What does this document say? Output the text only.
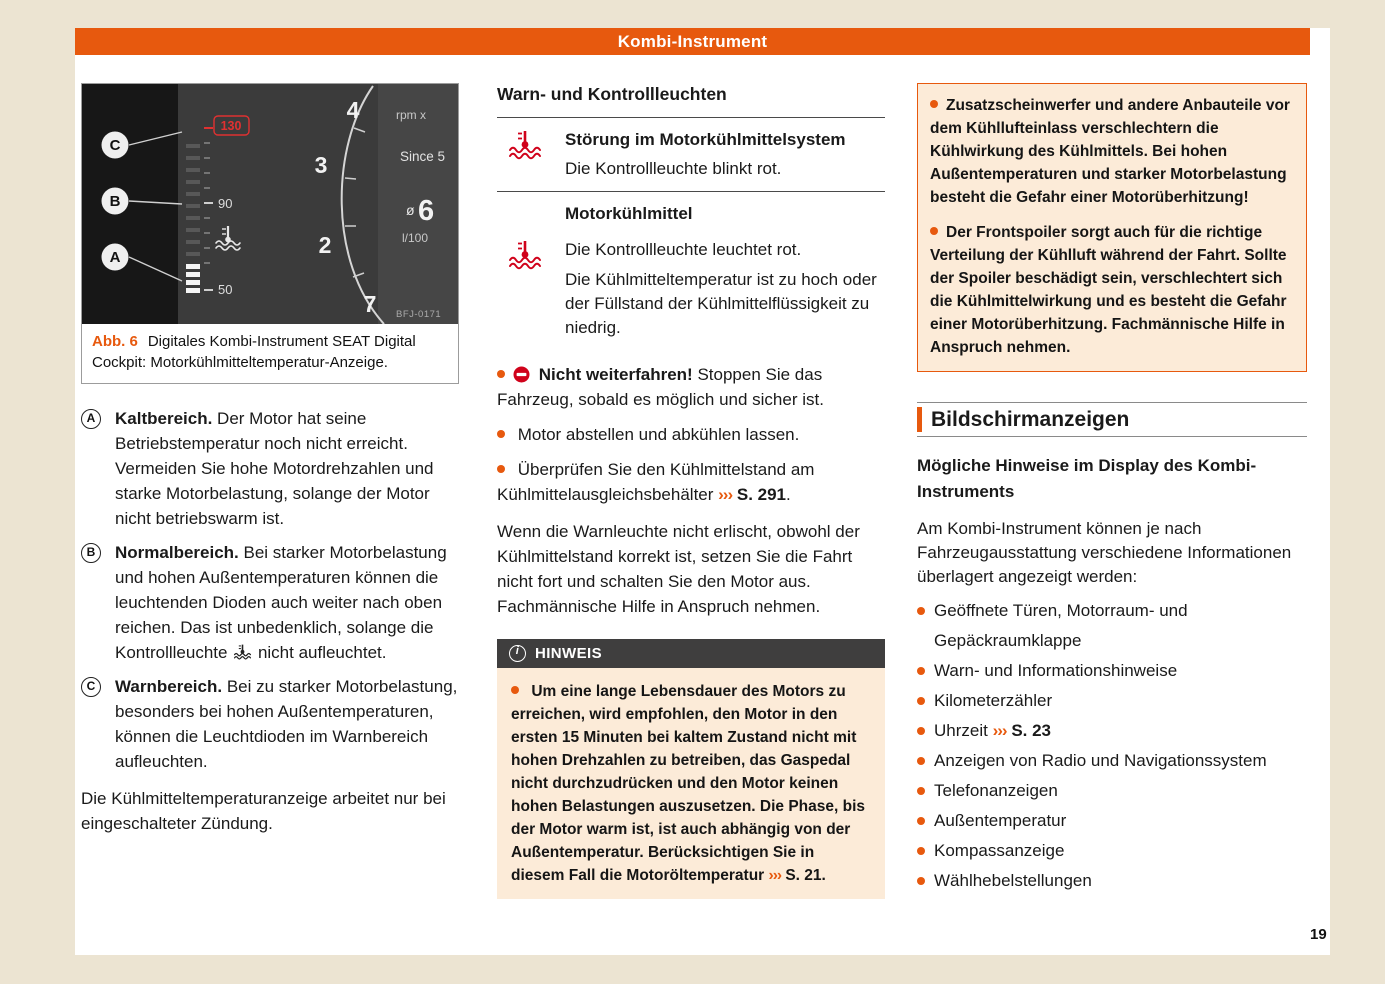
Kombi-Instrument
C
B
A
130
90
50
4
3
2
7
rpm x
Since 5
ø 6
l/100
BFJ-0171
Abb. 6 Digitales Kombi-Instrument SEAT Digital Cockpit: Motorkühlmitteltemperatur-Anzeige.
A	Kaltbereich. Der Motor hat seine Betriebstemperatur noch nicht erreicht. Vermeiden Sie hohe Motordrehzahlen und starke Motorbelastung, solange der Motor nicht betriebswarm ist.
B	Normalbereich. Bei starker Motorbelastung und hohen Außentemperaturen können die leuchtenden Dioden auch weiter nach oben reichen. Das ist unbedenklich, solange die Kontrollleuchte nicht aufleuchtet.
C	Warnbereich. Bei zu starker Motorbelastung, besonders bei hohen Außentemperaturen, können die Leuchtdioden im Warnbereich aufleuchten.

Die Kühlmitteltemperaturanzeige arbeitet nur bei eingeschalteter Zündung.

Warn- und Kontrollleuchten
Störung im Motorkühlmittelsystem
Die Kontrollleuchte blinkt rot.
Motorkühlmittel
Die Kontrollleuchte leuchtet rot.
Die Kühlmitteltemperatur ist zu hoch oder der Füllstand der Kühlmittelflüssigkeit zu niedrig.

Nicht weiterfahren! Stoppen Sie das Fahrzeug, sobald es möglich und sicher ist.

Motor abstellen und abkühlen lassen.

Überprüfen Sie den Kühlmittelstand am Kühlmittelausgleichsbehälter ››› S. 291.

Wenn die Warnleuchte nicht erlischt, obwohl der Kühlmittelstand korrekt ist, setzen Sie die Fahrt nicht fort und schalten Sie den Motor aus. Fachmännische Hilfe in Anspruch nehmen.

i
HINWEIS
Um eine lange Lebensdauer des Motors zu erreichen, wird empfohlen, den Motor in den ersten 15 Minuten bei kaltem Zustand nicht mit hohen Drehzahlen zu betreiben, das Gaspedal nicht durchzudrücken und den Motor keinen hohen Belastungen auszusetzen. Die Phase, bis der Motor warm ist, ist auch abhängig von der Außentemperatur. Berücksichtigen Sie in diesem Fall die Motoröltemperatur ››› S. 21.
Zusatzscheinwerfer und andere Anbauteile vor dem Kühllufteinlass verschlechtern die Kühlwirkung des Kühlmittels. Bei hohen Außentemperaturen und starker Motorbelastung besteht die Gefahr einer Motorüberhitzung!
Der Frontspoiler sorgt auch für die richtige Verteilung der Kühlluft während der Fahrt. Sollte der Spoiler beschädigt sein, verschlechtert sich die Kühlmittelwirkung und es besteht die Gefahr einer Motorüberhitzung. Fachmännische Hilfe in Anspruch nehmen.
Bildschirmanzeigen
Mögliche Hinweise im Display des Kombi-Instruments

Am Kombi-Instrument können je nach Fahrzeugausstattung verschiedene Informationen überlagert angezeigt werden:

Geöffnete Türen, Motorraum- und Gepäckraumklappe
Warn- und Informationshinweise
Kilometerzähler
Uhrzeit ››› S. 23
Anzeigen von Radio und Navigationssystem
Telefonanzeigen
Außentemperatur
Kompassanzeige
Wählhebelstellungen
19
